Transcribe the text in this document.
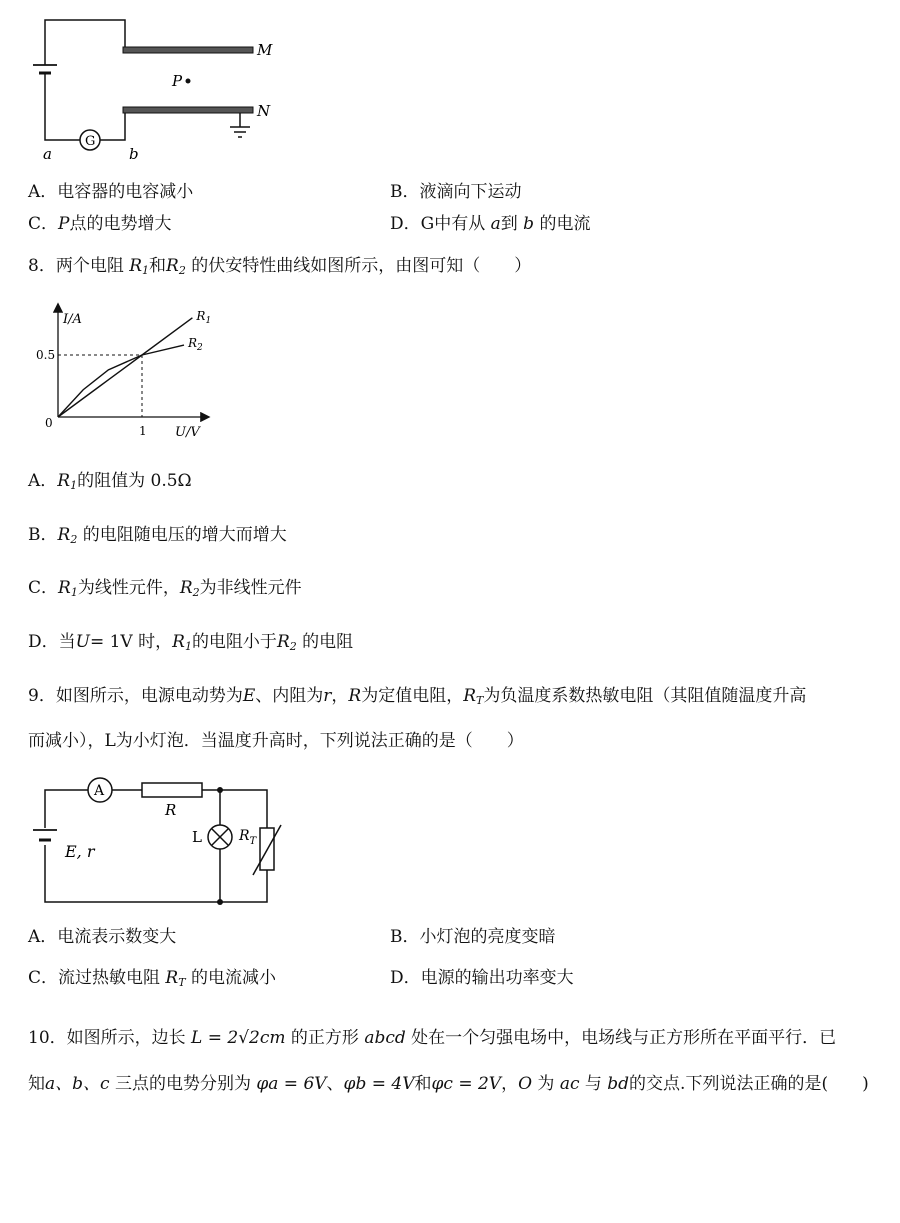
M
N
P
G
a	b
A．电容器的电容减小	B．液滴向下运动
C．P点的电势增大	D．G中有从 a到 b 的电流
8．两个电阻 $R_1$和$R_2$ 的伏安特性曲线如图所示，由图可知（　　）
$R_1$
$R_2$
I/A
U/V
0
1
0.5
A．$R_1$的阻值为 0.5Ω
B．$R_2$ 的电阻随电压的增大而增大
C．$R_1$为线性元件，$R_2$为非线性元件
D．当U= 1V 时，$R_1$的电阻小于$R_2$ 的电阻
9．如图所示，电源电动势为E、内阻为r，R为定值电阻，$R_T$为负温度系数热敏电阻（其阻值随温度升高
而减小），L为小灯泡．当温度升高时，下列说法正确的是（　　）
A
R
L	$R_T$
E, r
A．电流表示数变大	B．小灯泡的亮度变暗
C．流过热敏电阻 $R_T$ 的电流减小	D．电源的输出功率变大
10．如图所示，边长 L = 2√2cm 的正方形 abcd 处在一个匀强电场中，电场线与正方形所在平面平行．已
知a、b、c 三点的电势分别为 φa = 6V、φb = 4V和φc = 2V，O 为 ac 与 bd的交点.下列说法正确的是(　　)
